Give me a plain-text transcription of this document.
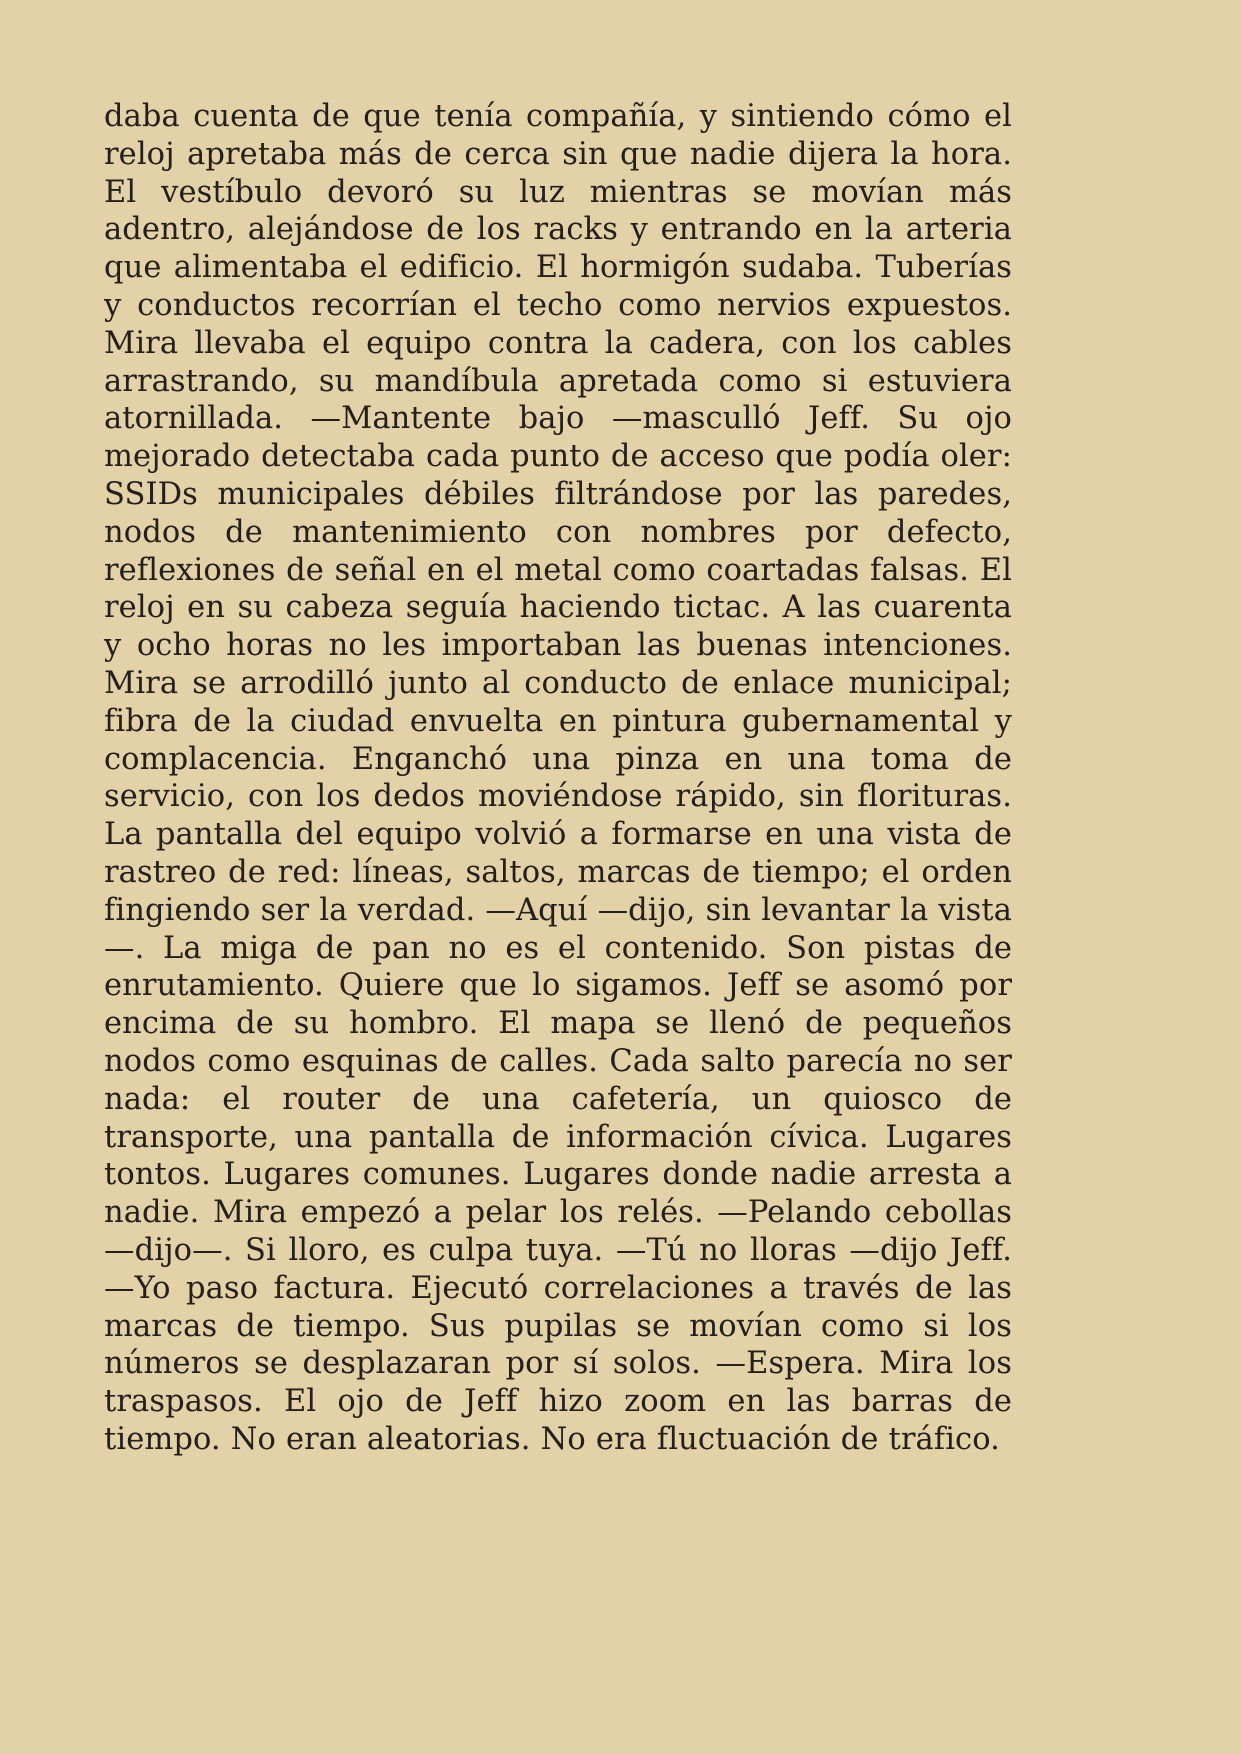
daba cuenta de que tenía compañía, y sintiendo cómo el reloj apretaba más de cerca sin que nadie dijera la hora. El vestíbulo devoró su luz mientras se movían más adentro, alejándose de los racks y entrando en la arteria que alimentaba el edificio. El hormigón sudaba. Tuberías y conductos recorrían el techo como nervios expuestos. Mira llevaba el equipo contra la cadera, con los cables arrastrando, su mandíbula apretada como si estuviera atornillada. —Mantente bajo —masculló Jeff. Su ojo mejorado detectaba cada punto de acceso que podía oler: SSIDs municipales débiles filtrándose por las paredes, nodos de mantenimiento con nombres por defecto, reflexiones de señal en el metal como coartadas falsas. El reloj en su cabeza seguía haciendo tictac. A las cuarenta y ocho horas no les importaban las buenas intenciones. Mira se arrodilló junto al conducto de enlace municipal; fibra de la ciudad envuelta en pintura gubernamental y complacencia. Enganchó una pinza en una toma de servicio, con los dedos moviéndose rápido, sin florituras. La pantalla del equipo volvió a formarse en una vista de rastreo de red: líneas, saltos, marcas de tiempo; el orden fingiendo ser la verdad. —Aquí —dijo, sin levantar la vista—. La miga de pan no es el contenido. Son pistas de enrutamiento. Quiere que lo sigamos. Jeff se asomó por encima de su hombro. El mapa se llenó de pequeños nodos como esquinas de calles. Cada salto parecía no ser nada: el router de una cafetería, un quiosco de transporte, una pantalla de información cívica. Lugares tontos. Lugares comunes. Lugares donde nadie arresta a nadie. Mira empezó a pelar los relés. —Pelando cebollas —dijo—. Si lloro, es culpa tuya. —Tú no lloras —dijo Jeff. —Yo paso factura. Ejecutó correlaciones a través de las marcas de tiempo. Sus pupilas se movían como si los números se desplazaran por sí solos. —Espera. Mira los traspasos. El ojo de Jeff hizo zoom en las barras de tiempo. No eran aleatorias. No era fluctuación de tráfico.
